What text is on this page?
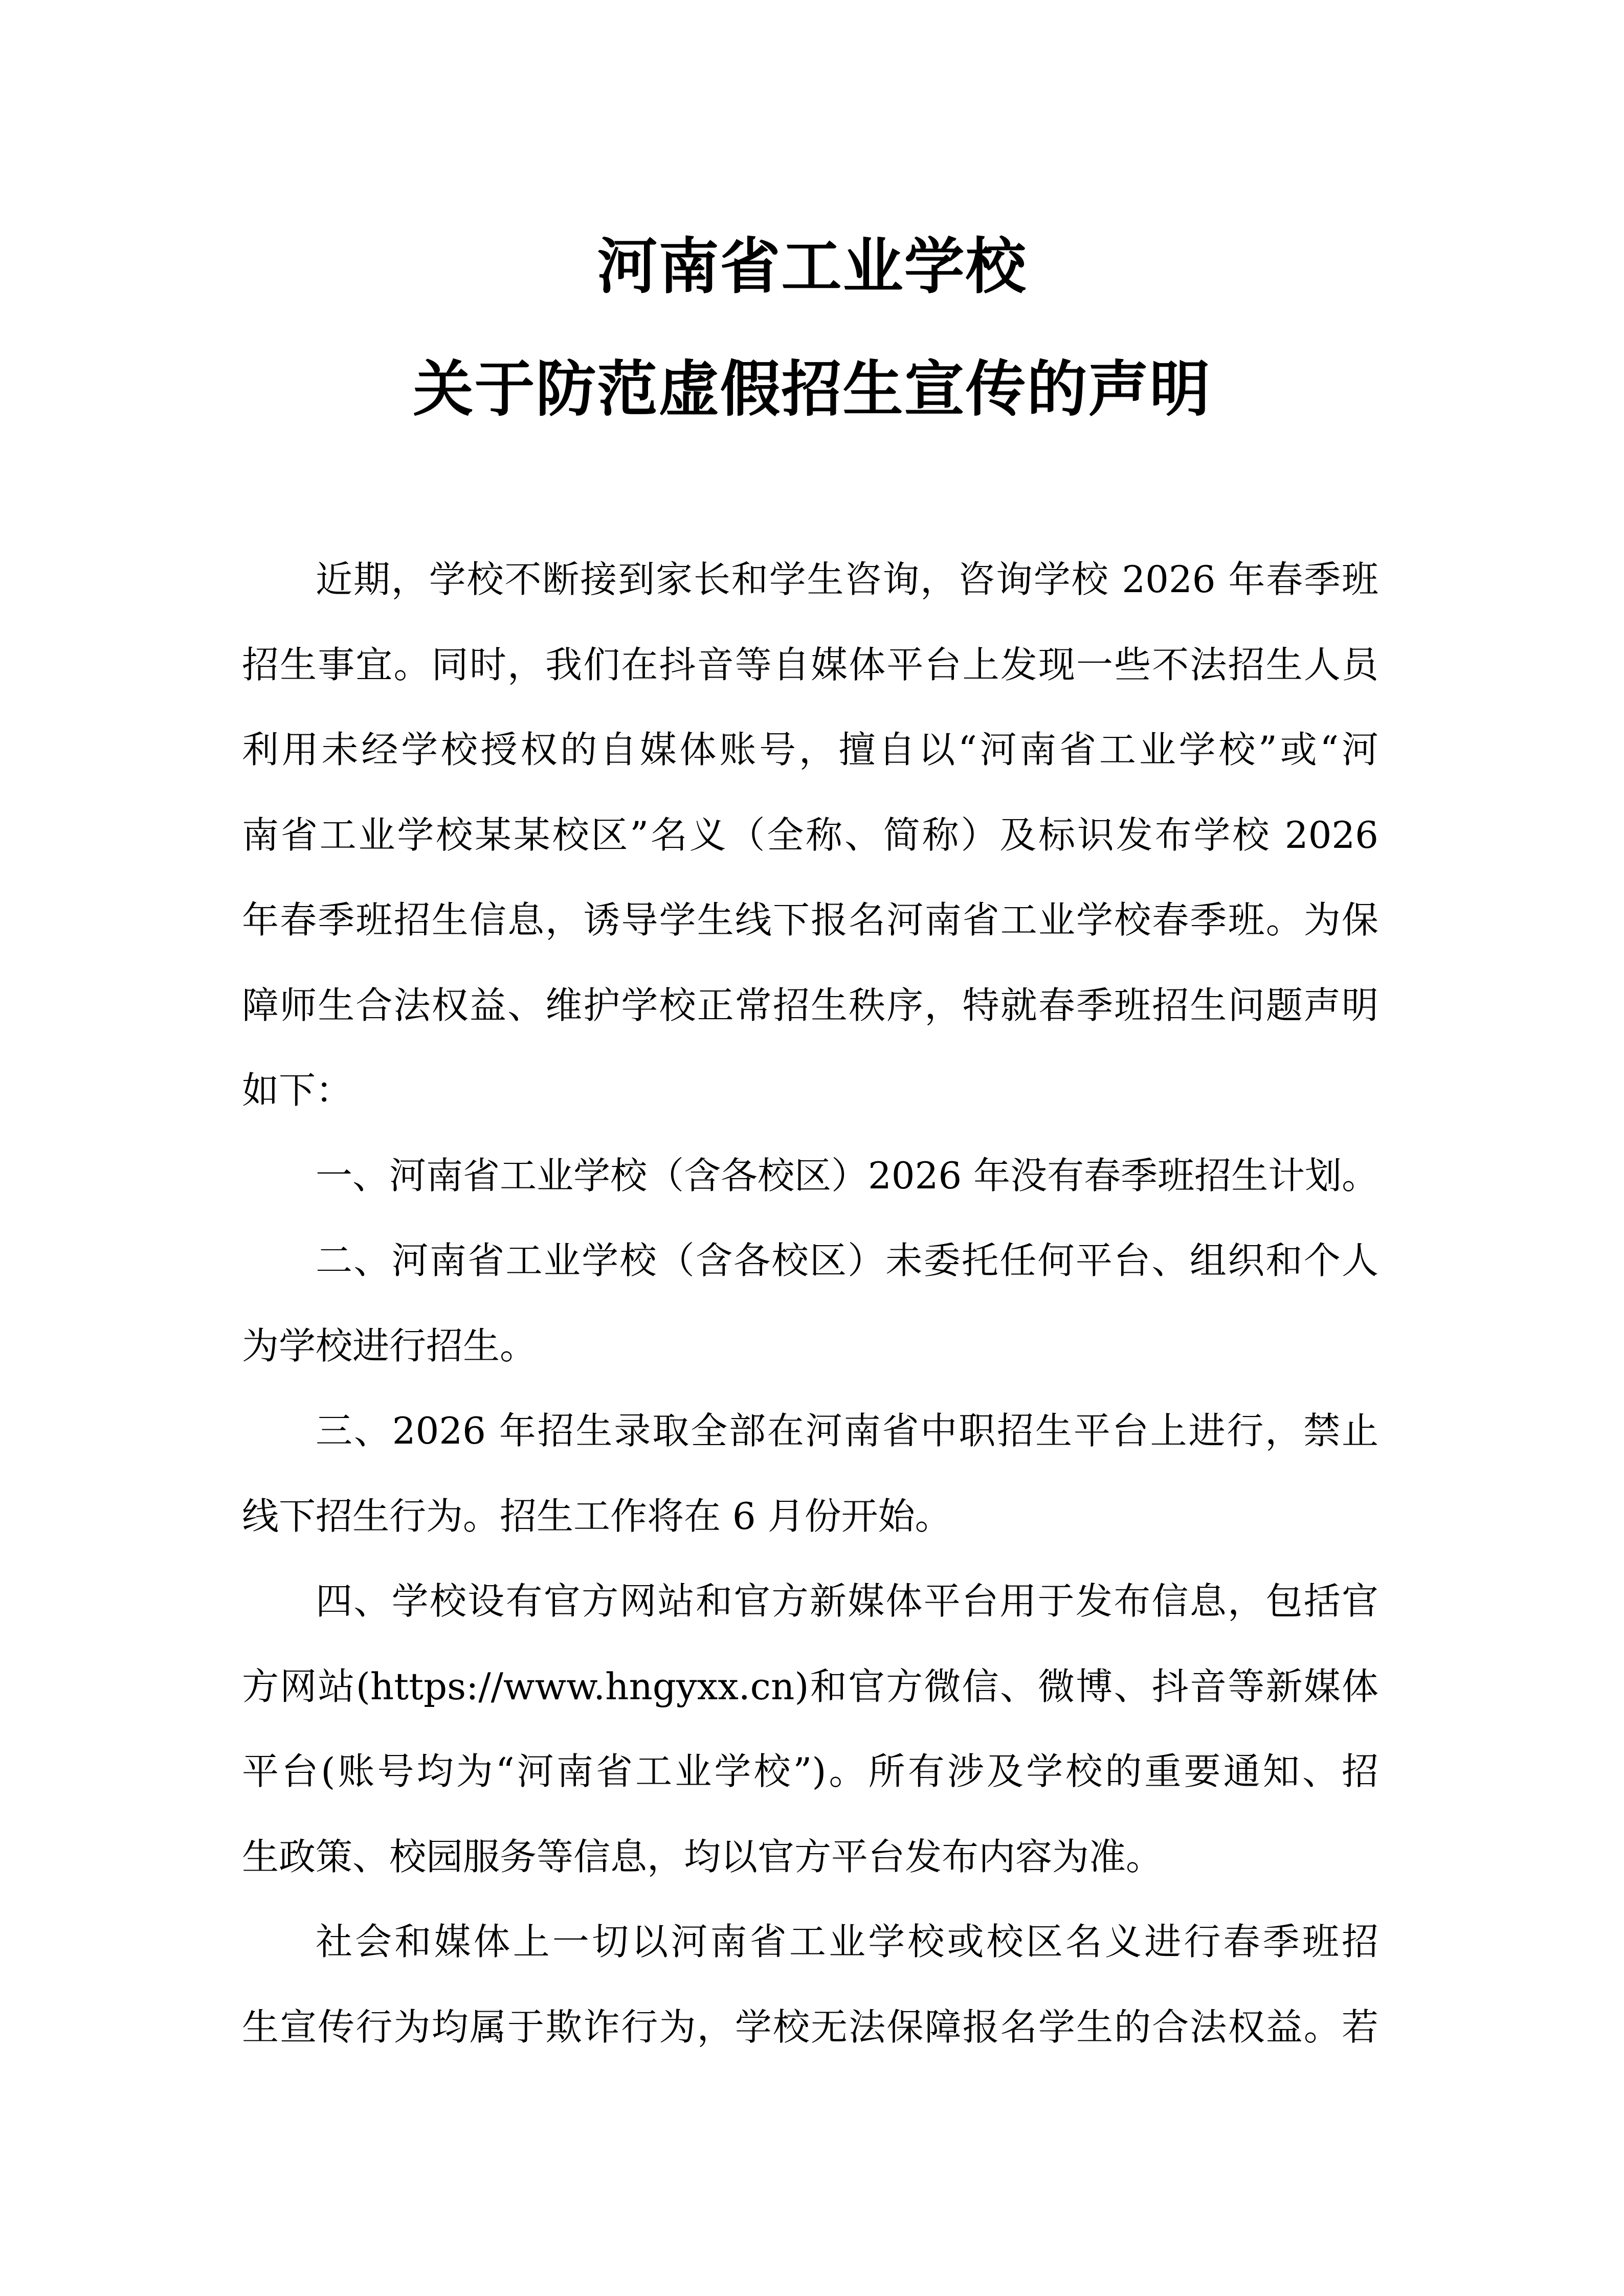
河南省工业学校
关于防范虚假招生宣传的声明
近期，学校不断接到家长和学生咨询，咨询学校 2026 年春季班
招生事宜。同时，我们在抖音等自媒体平台上发现一些不法招生人员
利用未经学校授权的自媒体账号，擅自以“河南省工业学校”或“河
南省工业学校某某校区”名义（全称、简称）及标识发布学校 2026
年春季班招生信息，诱导学生线下报名河南省工业学校春季班。为保
障师生合法权益、维护学校正常招生秩序，特就春季班招生问题声明
如下：
一、河南省工业学校（含各校区）2026 年没有春季班招生计划。
二、河南省工业学校（含各校区）未委托任何平台、组织和个人
为学校进行招生。
三、2026 年招生录取全部在河南省中职招生平台上进行，禁止
线下招生行为。招生工作将在 6 月份开始。
四、学校设有官方网站和官方新媒体平台用于发布信息，包括官
方网站(https://www.hngyxx.cn)和官方微信、微博、抖音等新媒体
平台(账号均为“河南省工业学校”)。所有涉及学校的重要通知、招
生政策、校园服务等信息，均以官方平台发布内容为准。
社会和媒体上一切以河南省工业学校或校区名义进行春季班招
生宣传行为均属于欺诈行为，学校无法保障报名学生的合法权益。若
